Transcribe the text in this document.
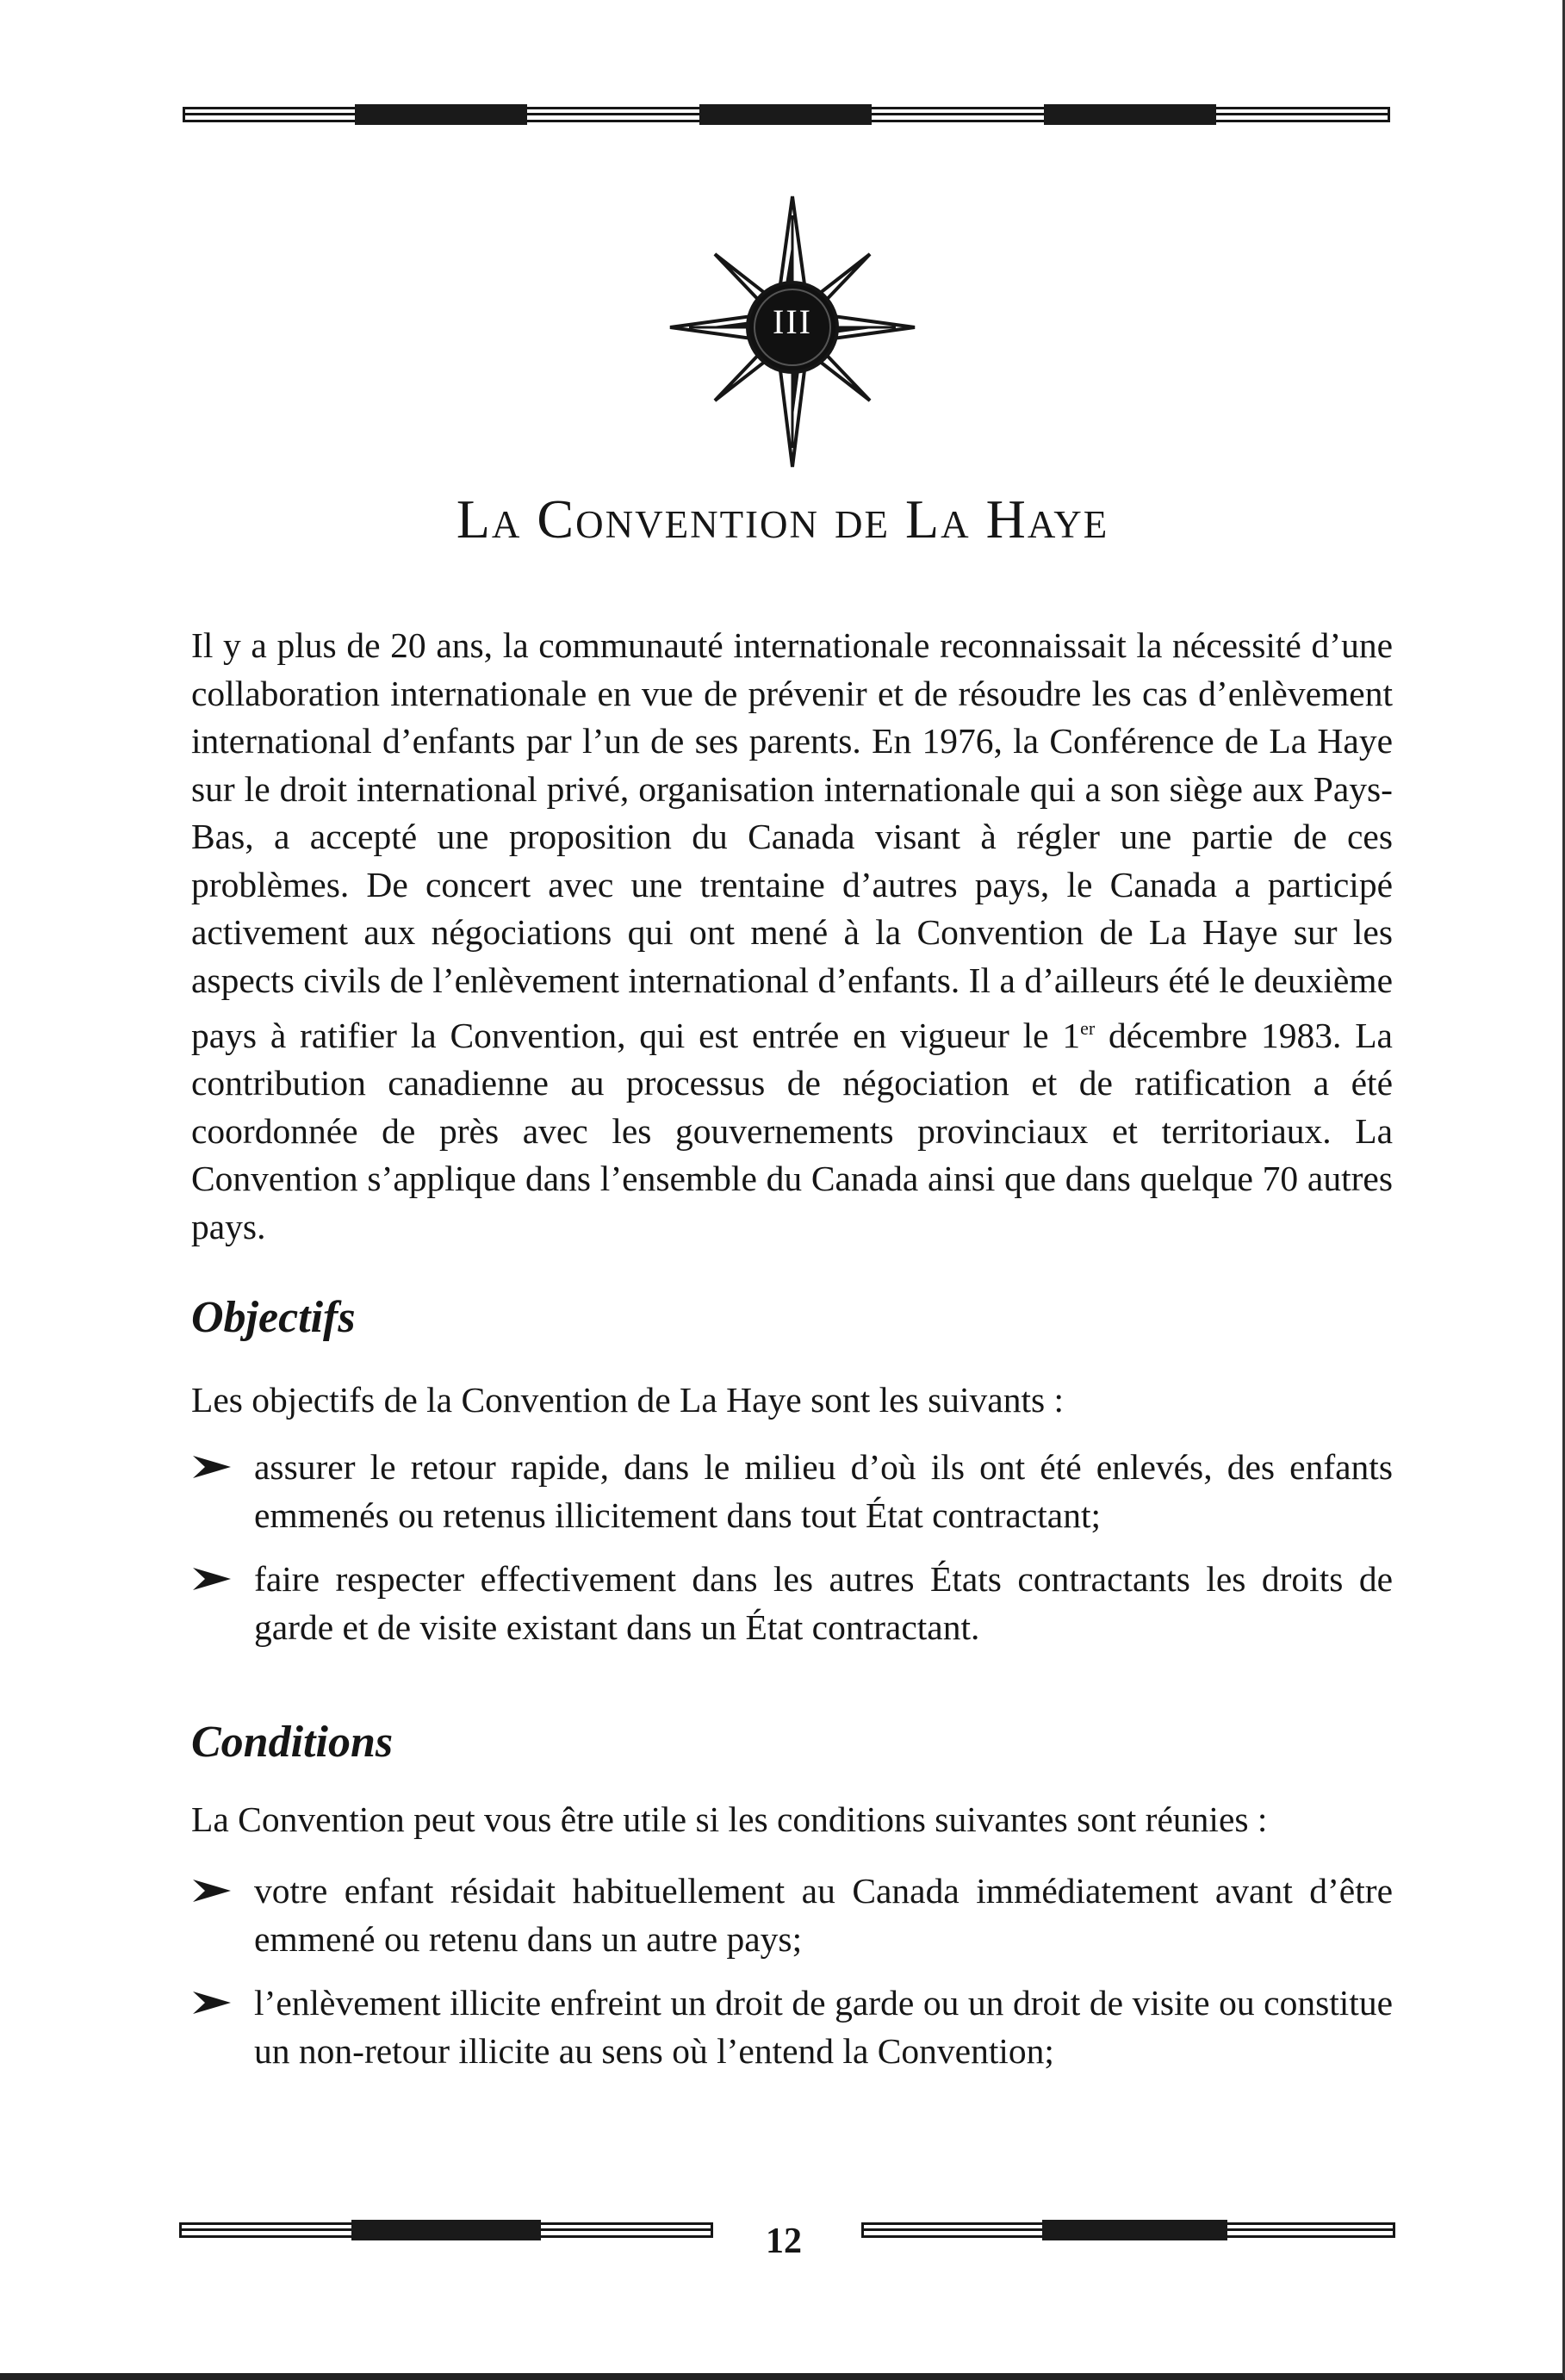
III
La Convention de La Haye

Il y a plus de 20 ans, la communauté internationale reconnaissait la nécessité d’une collaboration internationale en vue de prévenir et de résoudre les cas d’enlèvement international d’enfants par l’un de ses parents. En 1976, la Conférence de La Haye sur le droit international privé, organisation internationale qui a son siège aux Pays-Bas, a accepté une proposition du Canada visant à régler une partie de ces problèmes. De concert avec une trentaine d’autres pays, le Canada a participé activement aux négociations qui ont mené à la Convention de La Haye sur les aspects civils de l’enlèvement international d’enfants. Il a d’ailleurs été le deuxième pays à ratifier la Convention, qui est entrée en vigueur le 1er décembre 1983. La contribution canadienne au processus de négociation et de ratification a été coordonnée de près avec les gouvernements provinciaux et territoriaux. La Convention s’applique dans l’ensemble du Canada ainsi que dans quelque 70 autres pays.

Objectifs

Les objectifs de la Convention de La Haye sont les suivants :

assurer le retour rapide, dans le milieu d’où ils ont été enlevés, des enfants emmenés ou retenus illicitement dans tout État contractant;
faire respecter effectivement dans les autres États contractants les droits de garde et de visite existant dans un État contractant.
Conditions

La Convention peut vous être utile si les conditions suivantes sont réunies :

votre enfant résidait habituellement au Canada immédiatement avant d’être emmené ou retenu dans un autre pays;
l’enlèvement illicite enfreint un droit de garde ou un droit de visite ou constitue un non-retour illicite au sens où l’entend la Convention;
12
